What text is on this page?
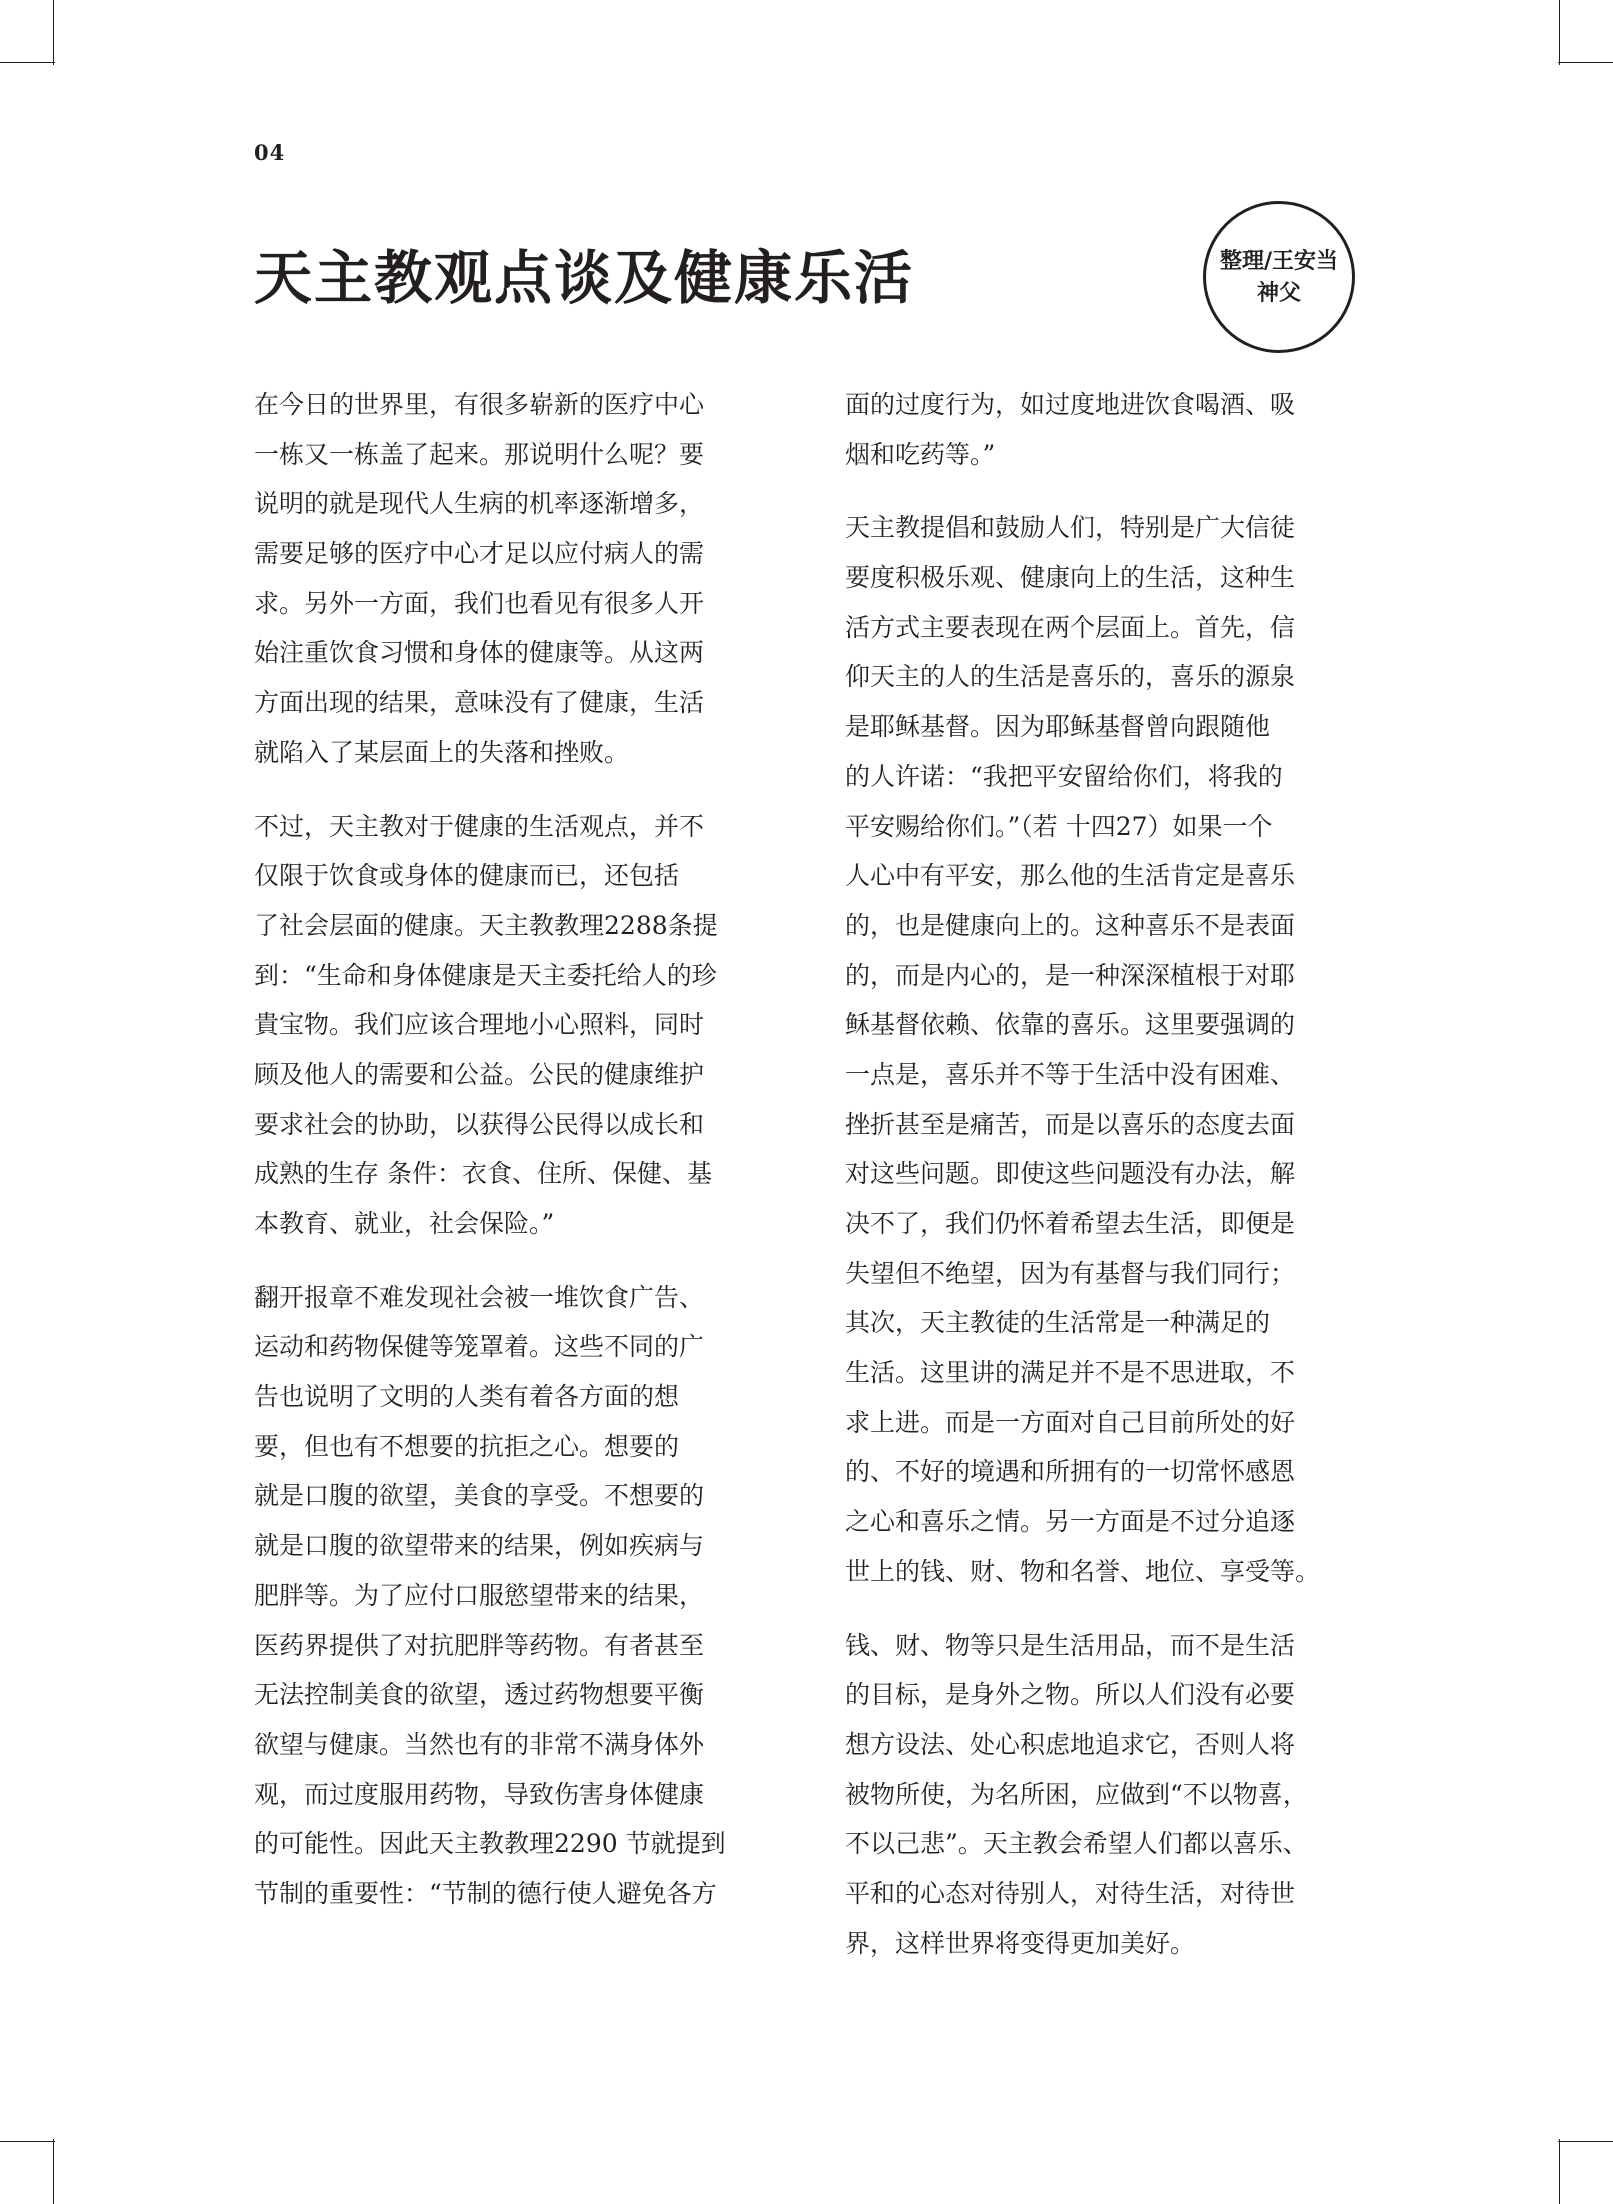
04
天主教观点谈及健康乐活	整理/王安当
神父
在今日的世界里，有很多崭新的医疗中心
一栋又一栋盖了起来。那说明什么呢？要
说明的就是现代人生病的机率逐渐增多，
需要足够的医疗中心才足以应付病人的需
求。另外一方面，我们也看见有很多人开
始注重饮食习惯和身体的健康等。从这两
方面出现的结果，意味没有了健康，生活
就陷入了某层面上的失落和挫败。
不过，天主教对于健康的生活观点，并不
仅限于饮食或身体的健康而已，还包括
了社会层面的健康。天主教教理2288条提
到：“生命和身体健康是天主委托给人的珍
貴宝物。我们应该合理地小心照料，同时
顾及他人的需要和公益。公民的健康维护
要求社会的协助，以获得公民得以成长和
成熟的生存 条件：衣食、住所、保健、基
本教育、就业，社会保险。”
翻开报章不难发现社会被一堆饮食广告、
运动和药物保健等笼罩着。这些不同的广
告也说明了文明的人类有着各方面的想
要，但也有不想要的抗拒之心。想要的
就是口腹的欲望，美食的享受。不想要的
就是口腹的欲望带来的结果，例如疾病与
肥胖等。为了应付口服慾望带来的结果，
医药界提供了对抗肥胖等药物。有者甚至
无法控制美食的欲望，透过药物想要平衡
欲望与健康。当然也有的非常不满身体外
观，而过度服用药物，导致伤害身体健康
的可能性。因此天主教教理2290 节就提到
节制的重要性：“节制的德行使人避免各方
面的过度行为，如过度地进饮食喝酒、吸
烟和吃药等。”
天主教提倡和鼓励人们，特别是广大信徒
要度积极乐观、健康向上的生活，这种生
活方式主要表现在两个层面上。首先，信
仰天主的人的生活是喜乐的，喜乐的源泉
是耶稣基督。因为耶稣基督曾向跟随他
的人许诺：“我把平安留给你们，将我的
平安赐给你们。”（若 十四27）如果一个
人心中有平安，那么他的生活肯定是喜乐
的，也是健康向上的。这种喜乐不是表面
的，而是内心的，是一种深深植根于对耶
稣基督依赖、依靠的喜乐。这里要强调的
一点是，喜乐并不等于生活中没有困难、
挫折甚至是痛苦，而是以喜乐的态度去面
对这些问题。即使这些问题没有办法，解
决不了，我们仍怀着希望去生活，即便是
失望但不绝望，因为有基督与我们同行；
其次，天主教徒的生活常是一种满足的
生活。这里讲的满足并不是不思进取，不
求上进。而是一方面对自己目前所处的好
的、不好的境遇和所拥有的一切常怀感恩
之心和喜乐之情。另一方面是不过分追逐
世上的钱、财、物和名誉、地位、享受等。
钱、财、物等只是生活用品，而不是生活
的目标，是身外之物。所以人们没有必要
想方设法、处心积虑地追求它，否则人将
被物所使，为名所困，应做到“不以物喜，
不以己悲”。天主教会希望人们都以喜乐、
平和的心态对待别人，对待生活，对待世
界，这样世界将变得更加美好。
